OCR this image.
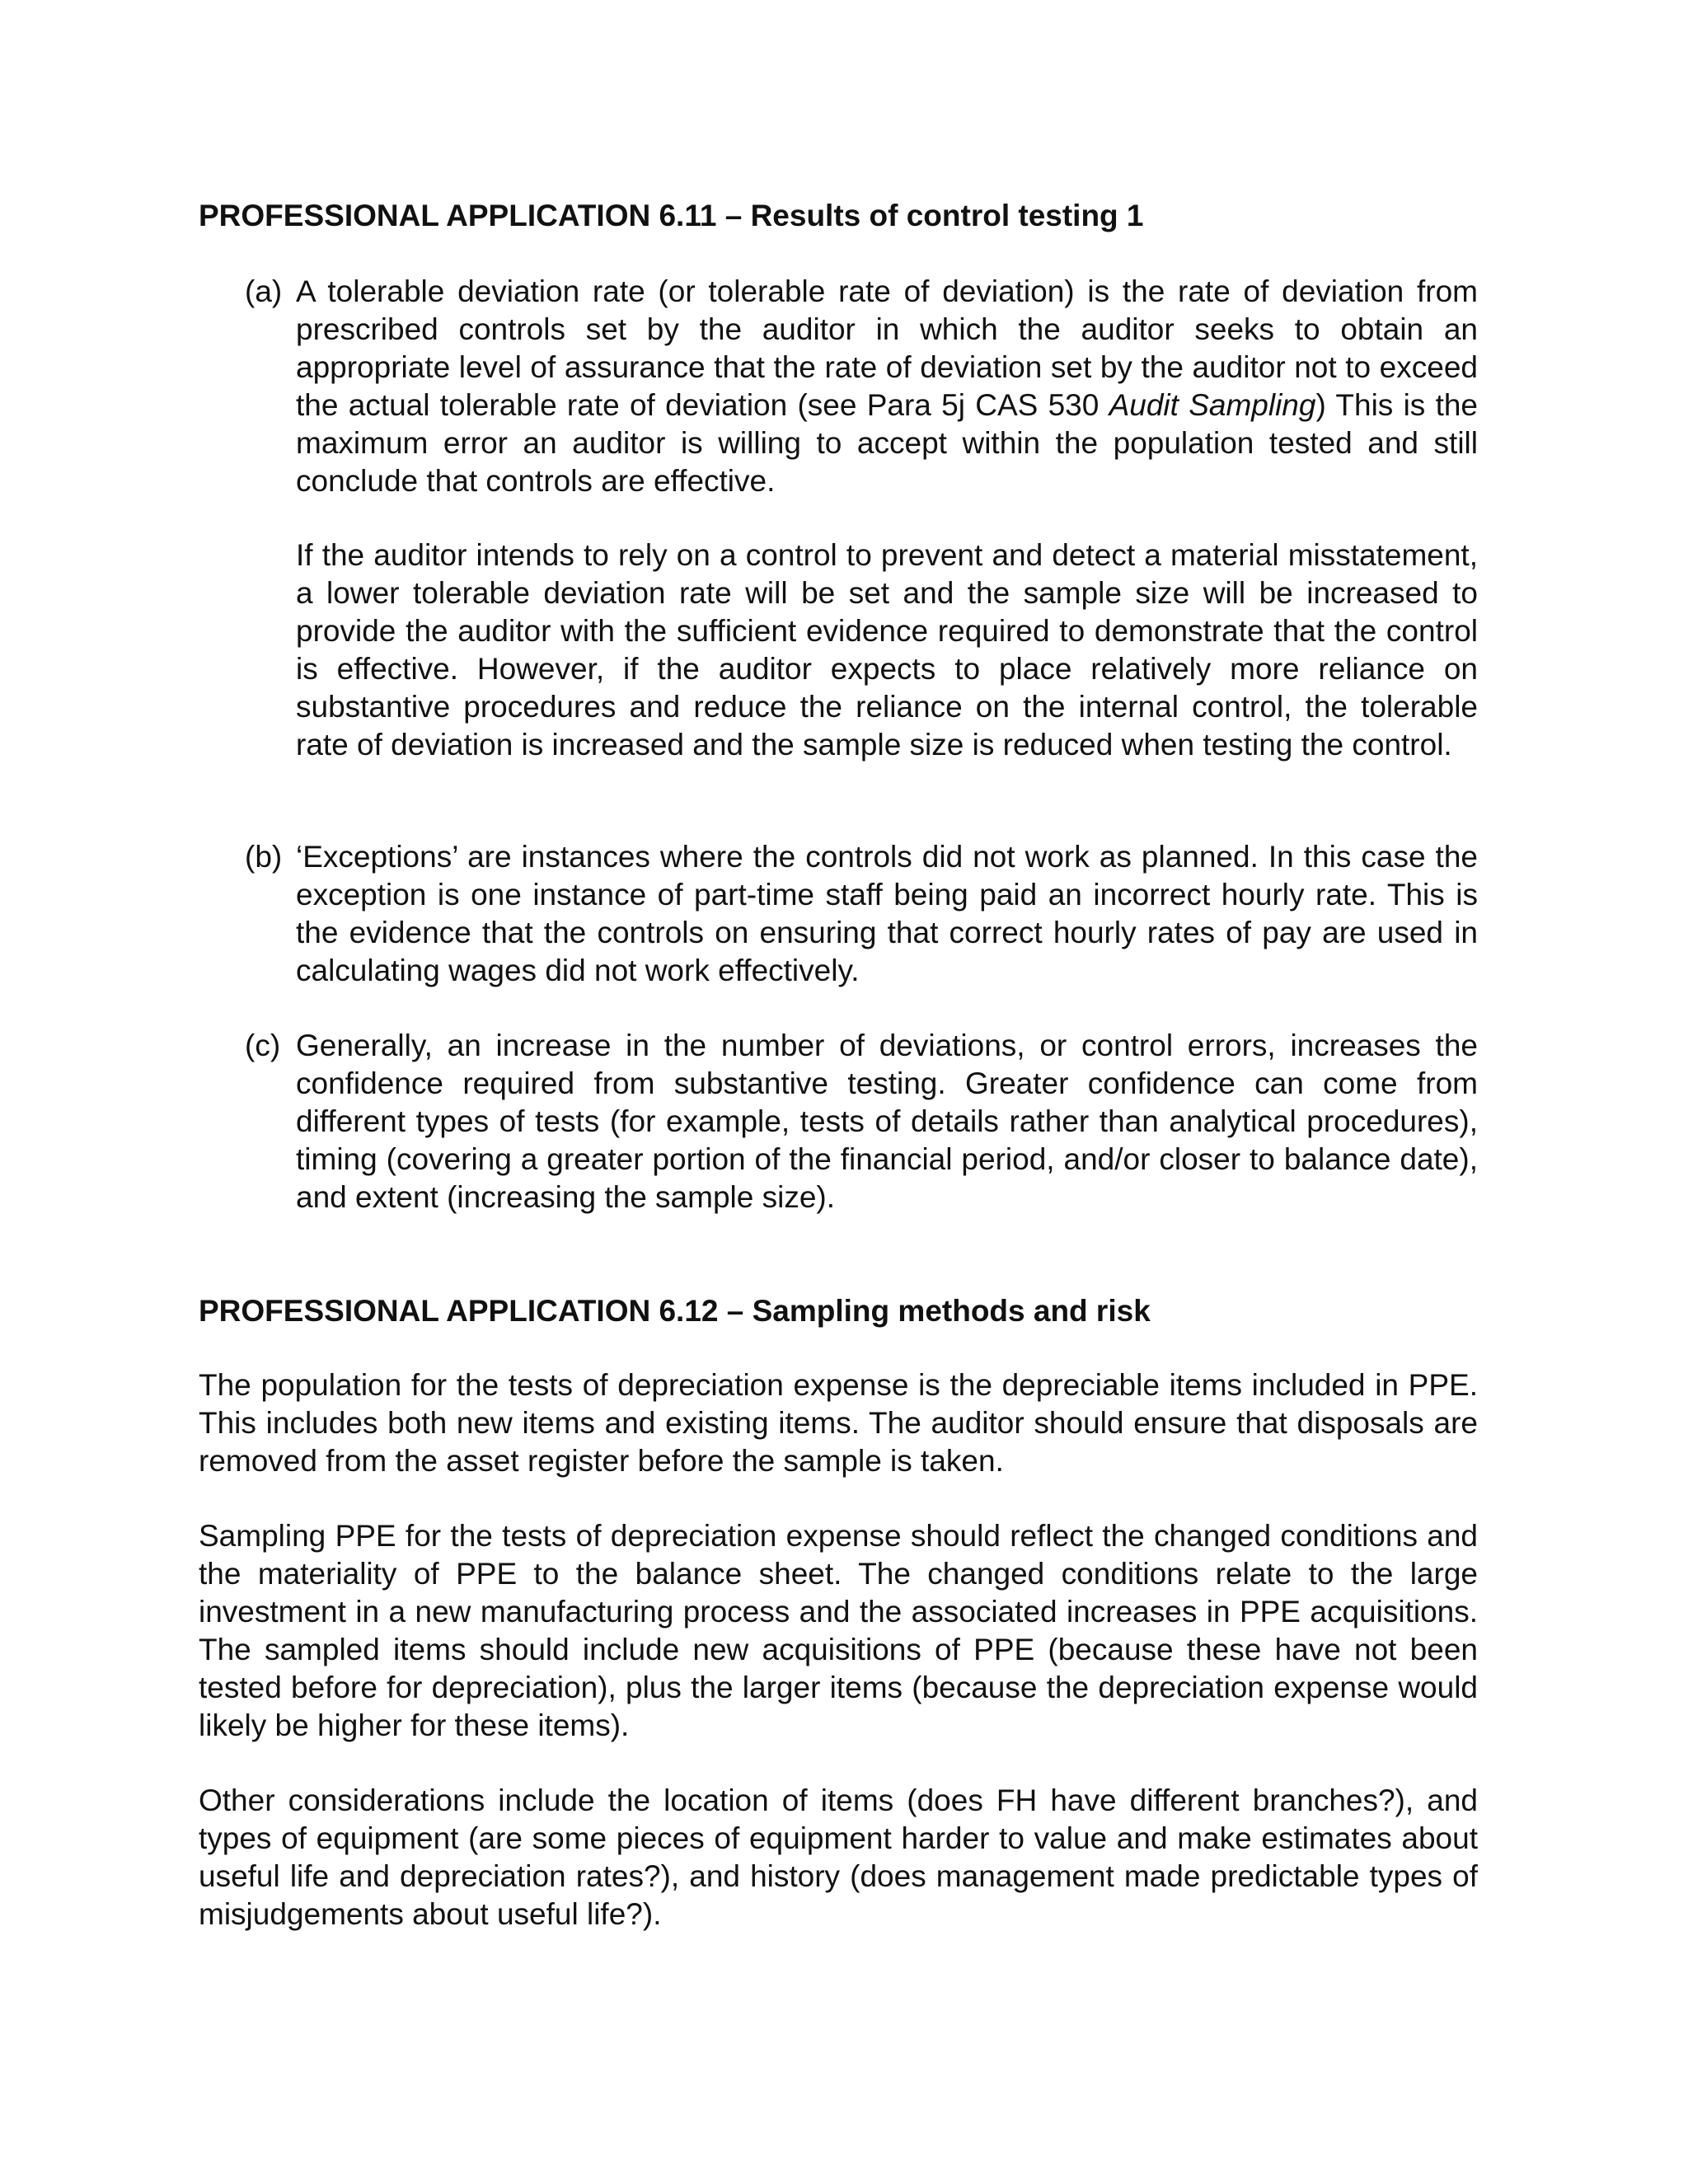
PROFESSIONAL APPLICATION 6.11 – Results of control testing 1
(a) A tolerable deviation rate (or tolerable rate of deviation) is the rate of deviation from prescribed controls set by the auditor in which the auditor seeks to obtain an appropriate level of assurance that the rate of deviation set by the auditor not to exceed the actual tolerable rate of deviation (see Para 5j CAS 530 Audit Sampling) This is the maximum error an auditor is willing to accept within the population tested and still conclude that controls are effective.

If the auditor intends to rely on a control to prevent and detect a material misstatement, a lower tolerable deviation rate will be set and the sample size will be increased to provide the auditor with the sufficient evidence required to demonstrate that the control is effective. However, if the auditor expects to place relatively more reliance on substantive procedures and reduce the reliance on the internal control, the tolerable rate of deviation is increased and the sample size is reduced when testing the control.

(b) ‘Exceptions’ are instances where the controls did not work as planned. In this case the exception is one instance of part-time staff being paid an incorrect hourly rate. This is the evidence that the controls on ensuring that correct hourly rates of pay are used in calculating wages did not work effectively.

(c) Generally, an increase in the number of deviations, or control errors, increases the confidence required from substantive testing. Greater confidence can come from different types of tests (for example, tests of details rather than analytical procedures), timing (covering a greater portion of the financial period, and/or closer to balance date), and extent (increasing the sample size).

PROFESSIONAL APPLICATION 6.12 – Sampling methods and risk

The population for the tests of depreciation expense is the depreciable items included in PPE. This includes both new items and existing items. The auditor should ensure that disposals are removed from the asset register before the sample is taken.

Sampling PPE for the tests of depreciation expense should reflect the changed conditions and the materiality of PPE to the balance sheet. The changed conditions relate to the large investment in a new manufacturing process and the associated increases in PPE acquisitions. The sampled items should include new acquisitions of PPE (because these have not been tested before for depreciation), plus the larger items (because the depreciation expense would likely be higher for these items).

Other considerations include the location of items (does FH have different branches?), and types of equipment (are some pieces of equipment harder to value and make estimates about useful life and depreciation rates?), and history (does management made predictable types of misjudgements about useful life?).
